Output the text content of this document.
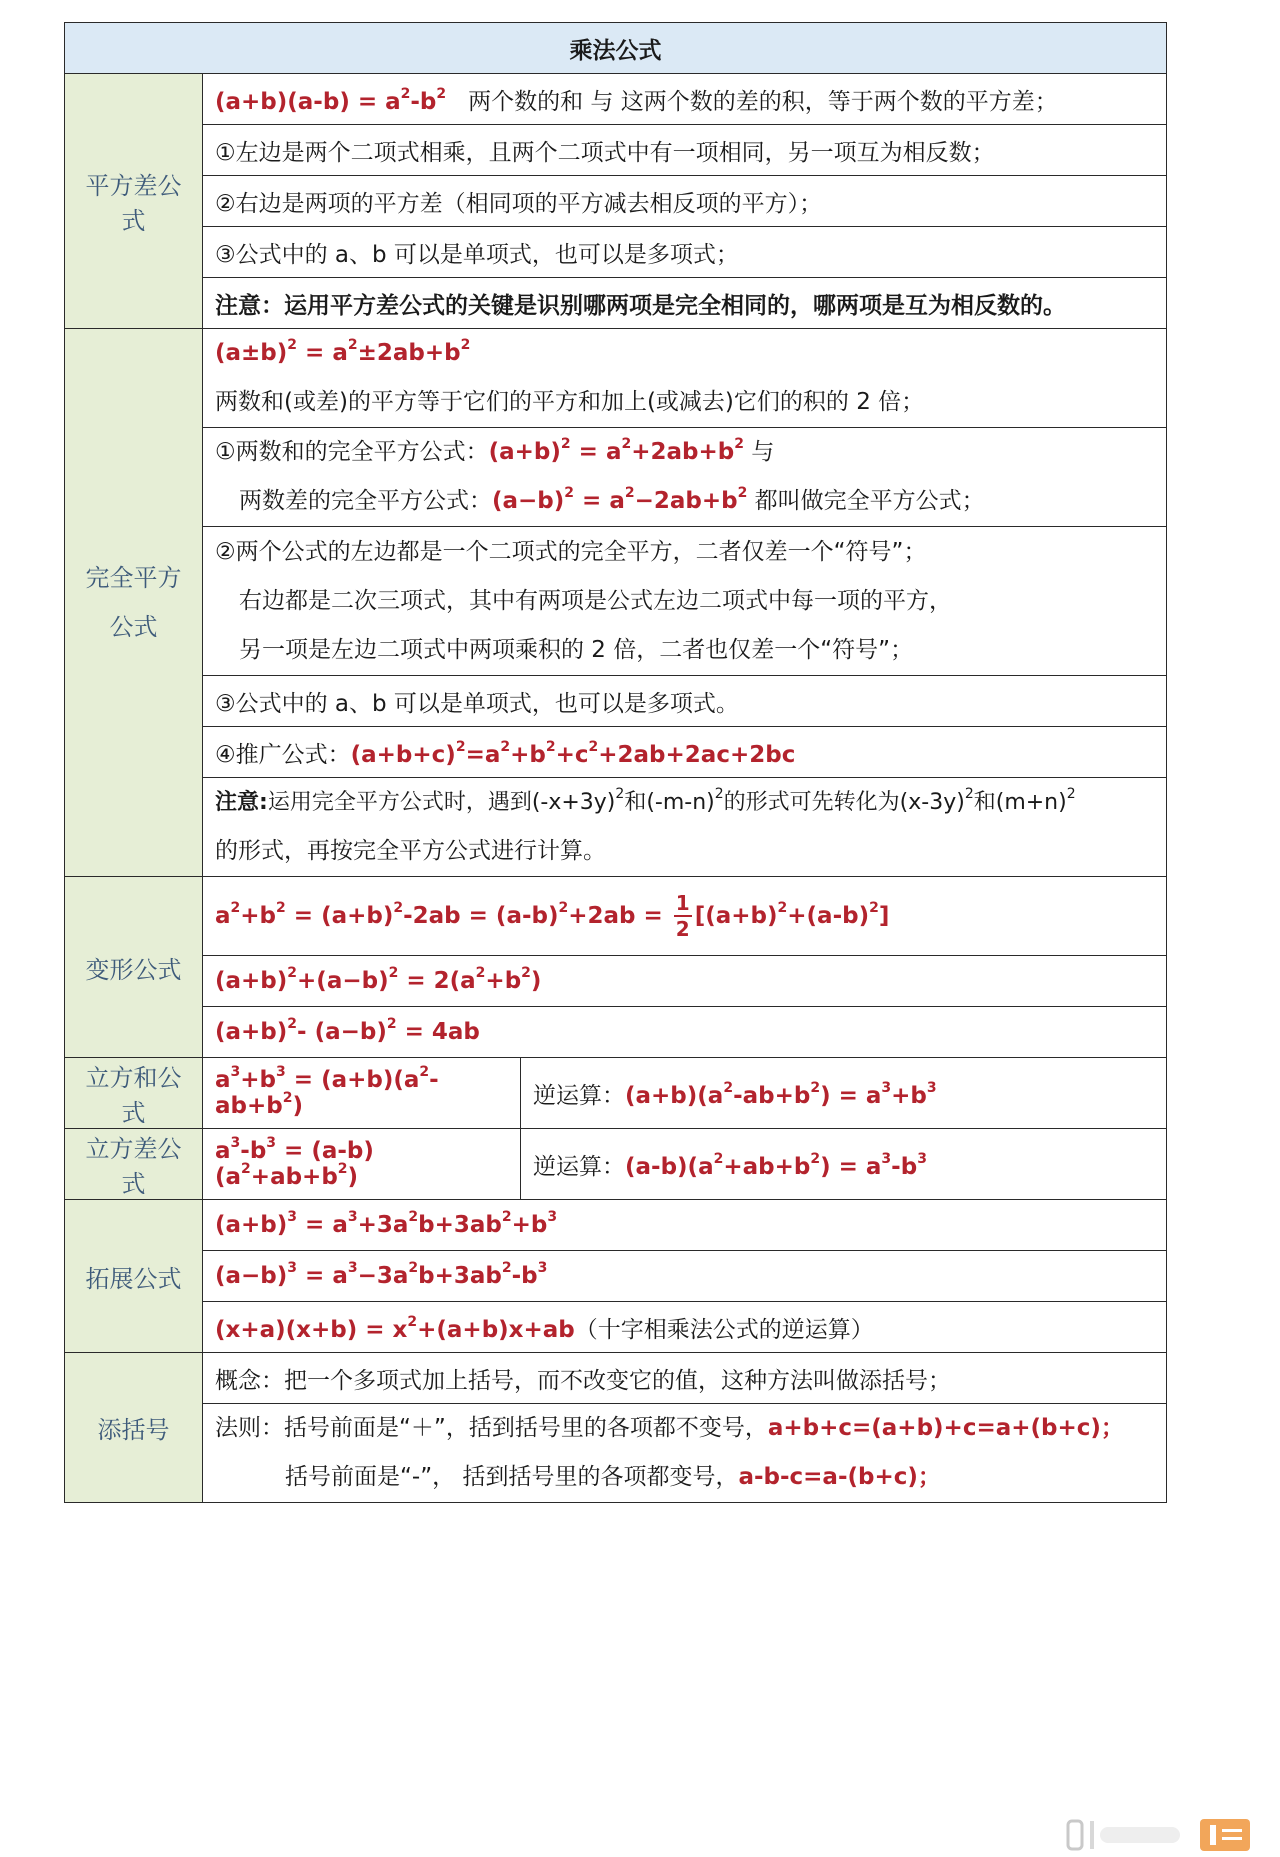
乘法公式		
平方差公式	$(a+b)(a-b) = a^2-b^2$ 两个数的和 与 这两个数的差的积，等于两个数的平方差；	
	①左边是两个二项式相乘，且两个二项式中有一项相同，另一项互为相反数；	
	②右边是两项的平方差（相同项的平方减去相反项的平方）；	
	③公式中的 a、b 可以是单项式，也可以是多项式；	
	注意：运用平方差公式的关键是识别哪两项是完全相同的，哪两项是互为相反数的。	
完全平方公式	$(a\pm b)^2 = a^2\pm 2ab+b^2$
两数和(或差)的平方等于它们的平方和加上(或减去)它们的积的 2 倍；	

	①两数和的完全平方公式：$(a+b)^2 = a^2+2ab+b^2$ 与
两数差的完全平方公式：$(a-b)^2 = a^2-2ab+b^2$ 都叫做完全平方公式；	

	②两个公式的左边都是一个二项式的完全平方，二者仅差一个“符号”；
右边都是二次三项式，其中有两项是公式左边二项式中每一项的平方，
另一项是左边二项式中两项乘积的 2 倍，二者也仅差一个“符号”；	

	③公式中的 a、b 可以是单项式，也可以是多项式。	
	④推广公式：$(a+b+c)^2=a^2+b^2+c^2+2ab+2ac+2bc$	

	注意:运用完全平方公式时，遇到$(-x+3y)^2$和$(-m-n)^2$的形式可先转化为$(x-3y)^2$和$(m+n)^2$
的形式，再按完全平方公式进行计算。	

变形公式	$a^2+b^2 = (a+b)^2-2ab = (a-b)^2+2ab = \frac{1}{2} [(a+b)^2+(a-b)^2]$	
	$(a+b)^2+(a-b)^2 = 2(a^2+b^2)$	
	$(a+b)^2-$ $(a-b)^2 = 4ab$	
立方和公式	$a^3+b^3 = (a+b)(a^2-ab+b^2)$	逆运算：$(a+b)(a^2-ab+b^2) = a^3+b^3$
立方差公式	$a^3-b^3 = (a-b)(a^2+ab+b^2)$	逆运算：$(a-b)(a^2+ab+b^2) = a^3-b^3$
拓展公式	$(a+b)^3 = a^3+3a^2b+3ab^2+b^3$
	$(a-b)^3 = a^3-3a^2b+3ab^2-b^3$
	$(x+a)(x+b) = x^2+(a+b)x+ab$（十字相乘法公式的逆运算）	
添括号	概念：把一个多项式加上括号，而不改变它的值，这种方法叫做添括号；	

	法则：括号前面是“＋”，括到括号里的各项都不变号，a+b+c=(a+b)+c=a+(b+c)；
括号前面是“-”， 括到括号里的各项都变号，a-b-c=a-(b+c)；	
